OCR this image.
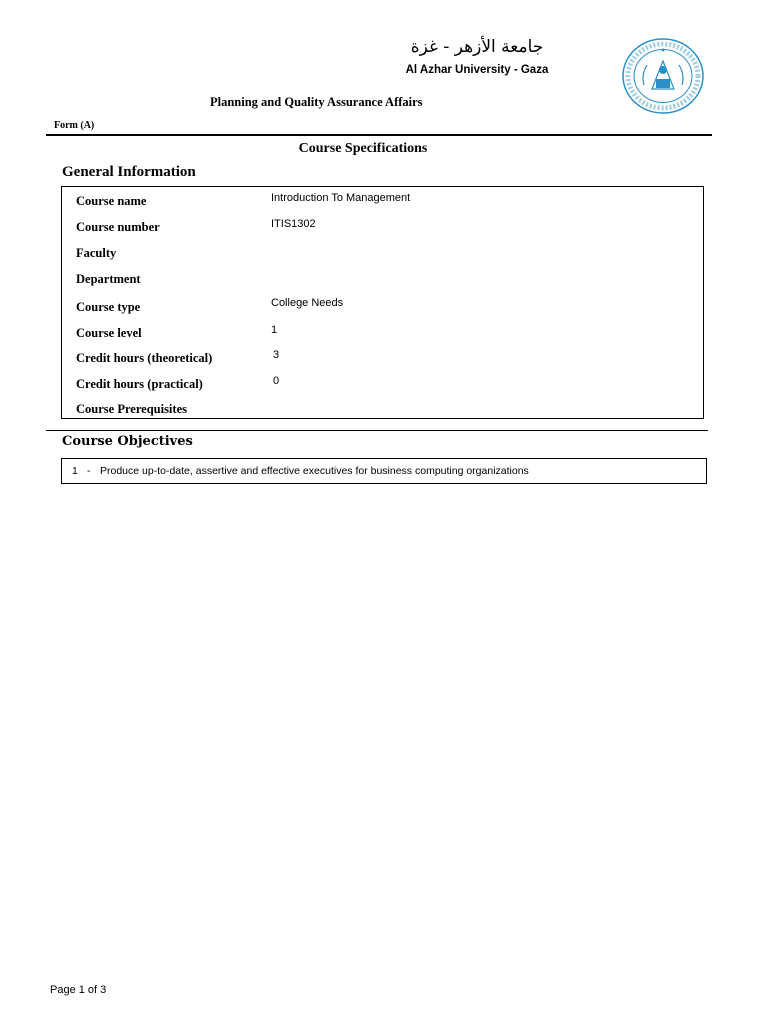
جامعة الأزهر - غزة
Al Azhar University - Gaza
Planning and Quality Assurance Affairs
Form (A)
Course Specifications
General Information
Course name	Introduction To Management
Course number	ITIS1302
Faculty
Department
Course type	College Needs
Course level	1
Credit hours (theoretical)	3
Credit hours (practical)	0
Course Prerequisites
Course Objectives
1 - Produce up-to-date, assertive and effective executives for business computing organizations
Page 1 of 3
